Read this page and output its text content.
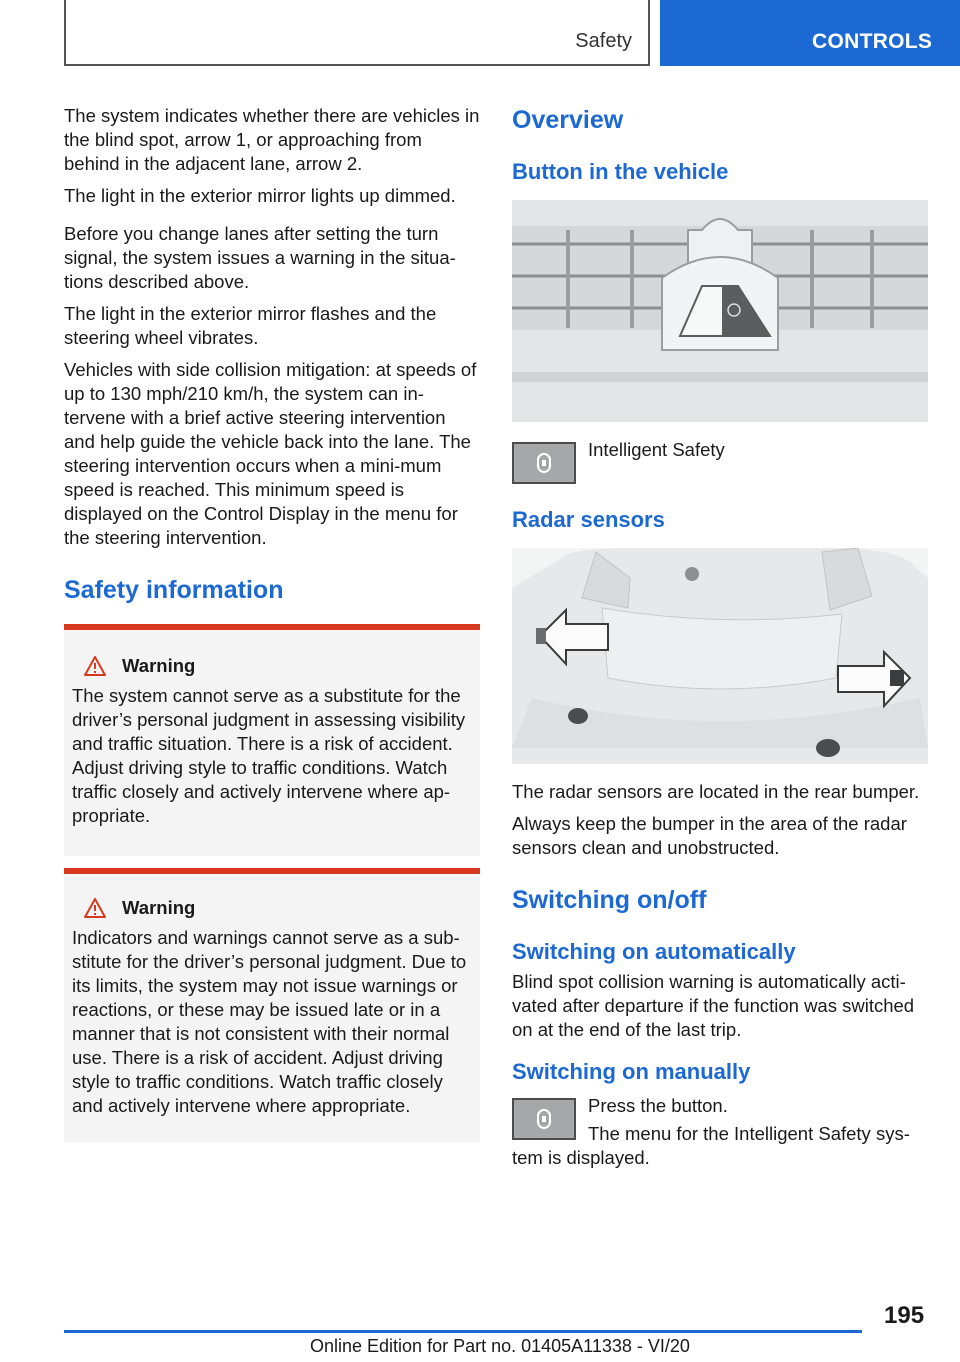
Safety	CONTROLS

The system indicates whether there are vehicles in the blind spot, arrow 1, or approaching from behind in the adjacent lane, arrow 2.

The light in the exterior mirror lights up dimmed.

Before you change lanes after setting the turn signal, the system issues a warning in the situa-tions described above.

The light in the exterior mirror flashes and the steering wheel vibrates.

Vehicles with side collision mitigation: at speeds of up to 130 mph/210 km/h, the system can in-tervene with a brief active steering intervention and help guide the vehicle back into the lane. The steering intervention occurs when a mini-mum speed is reached. This minimum speed is displayed on the Control Display in the menu for the steering intervention.

Safety information
Warning
The system cannot serve as a substitute for the driver’s personal judgment in assessing visibility and traffic situation. There is a risk of accident. Adjust driving style to traffic conditions. Watch traffic closely and actively intervene where ap-propriate.
Warning
Indicators and warnings cannot serve as a sub-stitute for the driver’s personal judgment. Due to its limits, the system may not issue warnings or reactions, or these may be issued late or in a manner that is not consistent with their normal use. There is a risk of accident. Adjust driving style to traffic conditions. Watch traffic closely and actively intervene where appropriate.
Overview
Button in the vehicle
Intelligent Safety
Radar sensors

The radar sensors are located in the rear bumper.

Always keep the bumper in the area of the radar sensors clean and unobstructed.

Switching on/off
Switching on automatically

Blind spot collision warning is automatically acti-vated after departure if the function was switched on at the end of the last trip.

Switching on manually

Press the button.

The menu for the Intelligent Safety sys-tem is displayed.

195
Online Edition for Part no. 01405A11338 - VI/20
